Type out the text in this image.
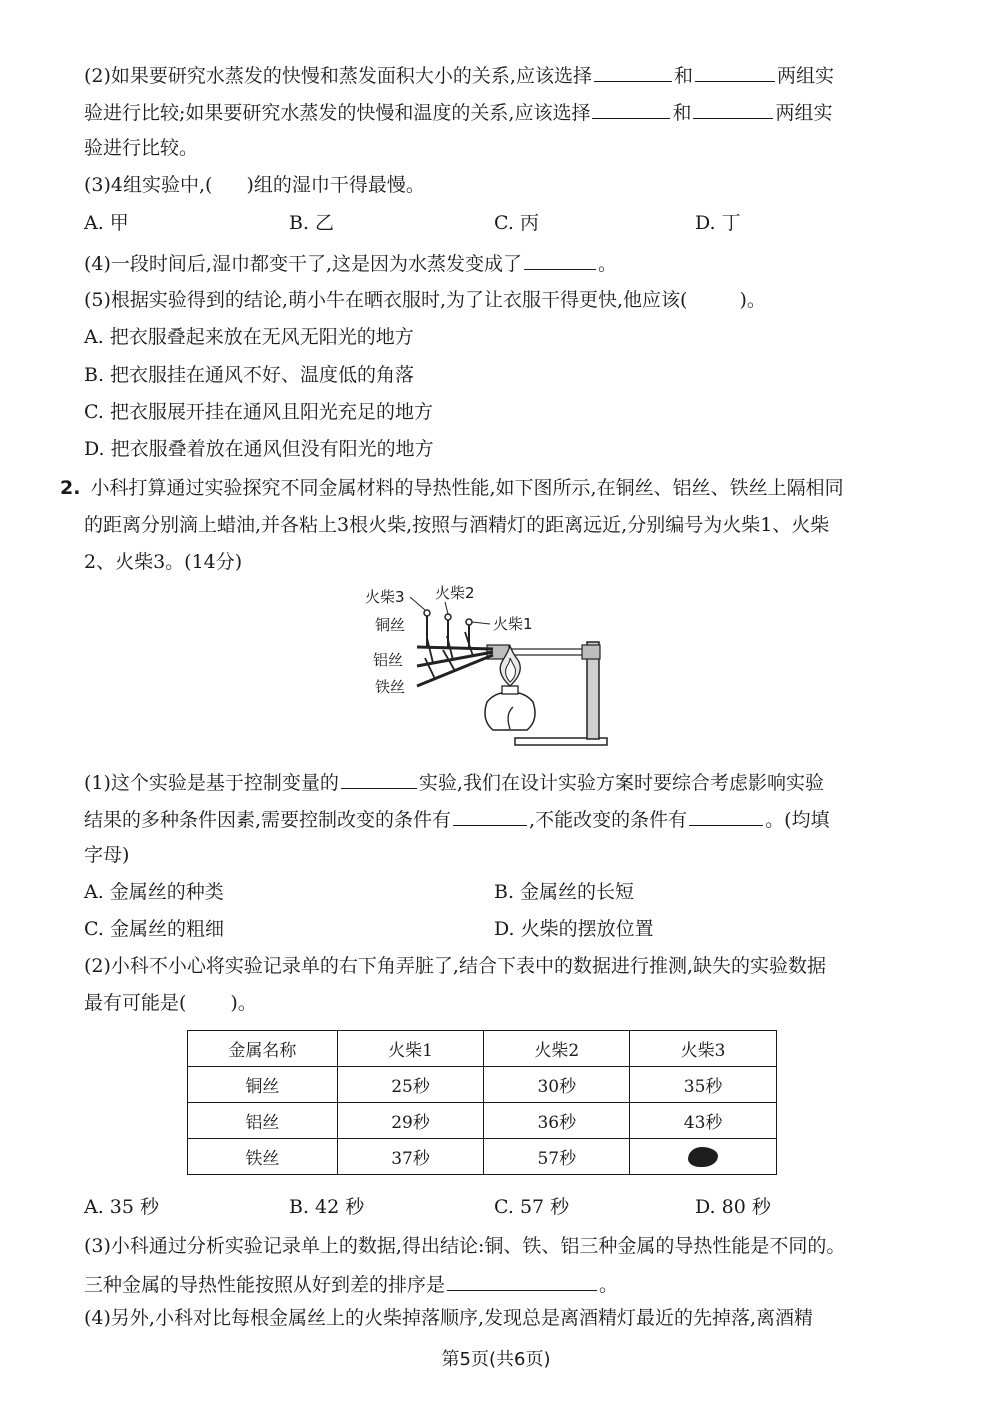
(2)如果要研究水蒸发的快慢和蒸发面积大小的关系,应该选择	和	两组实
验进行比较;如果要研究水蒸发的快慢和温度的关系,应该选择	和	两组实
验进行比较。
(3)4组实验中,( )组的湿巾干得最慢。
A. 甲	B. 乙	C. 丙	D. 丁
(4)一段时间后,湿巾都变干了,这是因为水蒸发变成了	。
(5)根据实验得到的结论,萌小牛在晒衣服时,为了让衣服干得更快,他应该(	)。
A. 把衣服叠起来放在无风无阳光的地方
B. 把衣服挂在通风不好、温度低的角落
C. 把衣服展开挂在通风且阳光充足的地方
D. 把衣服叠着放在通风但没有阳光的地方
2. 小科打算通过实验探究不同金属材料的导热性能,如下图所示,在铜丝、铝丝、铁丝上隔相同
的距离分别滴上蜡油,并各粘上3根火柴,按照与酒精灯的距离远近,分别编号为火柴1、火柴
2、火柴3。(14分)
火柴3 火柴2
火柴1
铜丝
铝丝
铁丝
(1)这个实验是基于控制变量的	实验,我们在设计实验方案时要综合考虑影响实验
结果的多种条件因素,需要控制改变的条件有	,不能改变的条件有	。(均填
字母)
A. 金属丝的种类	B. 金属丝的长短
C. 金属丝的粗细	D. 火柴的摆放位置
(2)小科不小心将实验记录单的右下角弄脏了,结合下表中的数据进行推测,缺失的实验数据
最有可能是( )。
金属名称	火柴1	火柴2	火柴3
铜丝	25秒	30秒	35秒
铝丝	29秒	36秒	43秒
铁丝	37秒	57秒	
A. 35 秒	B. 42 秒	C. 57 秒	D. 80 秒
(3)小科通过分析实验记录单上的数据,得出结论:铜、铁、铝三种金属的导热性能是不同的。
三种金属的导热性能按照从好到差的排序是	。
(4)另外,小科对比每根金属丝上的火柴掉落顺序,发现总是离酒精灯最近的先掉落,离酒精
第5页(共6页)
